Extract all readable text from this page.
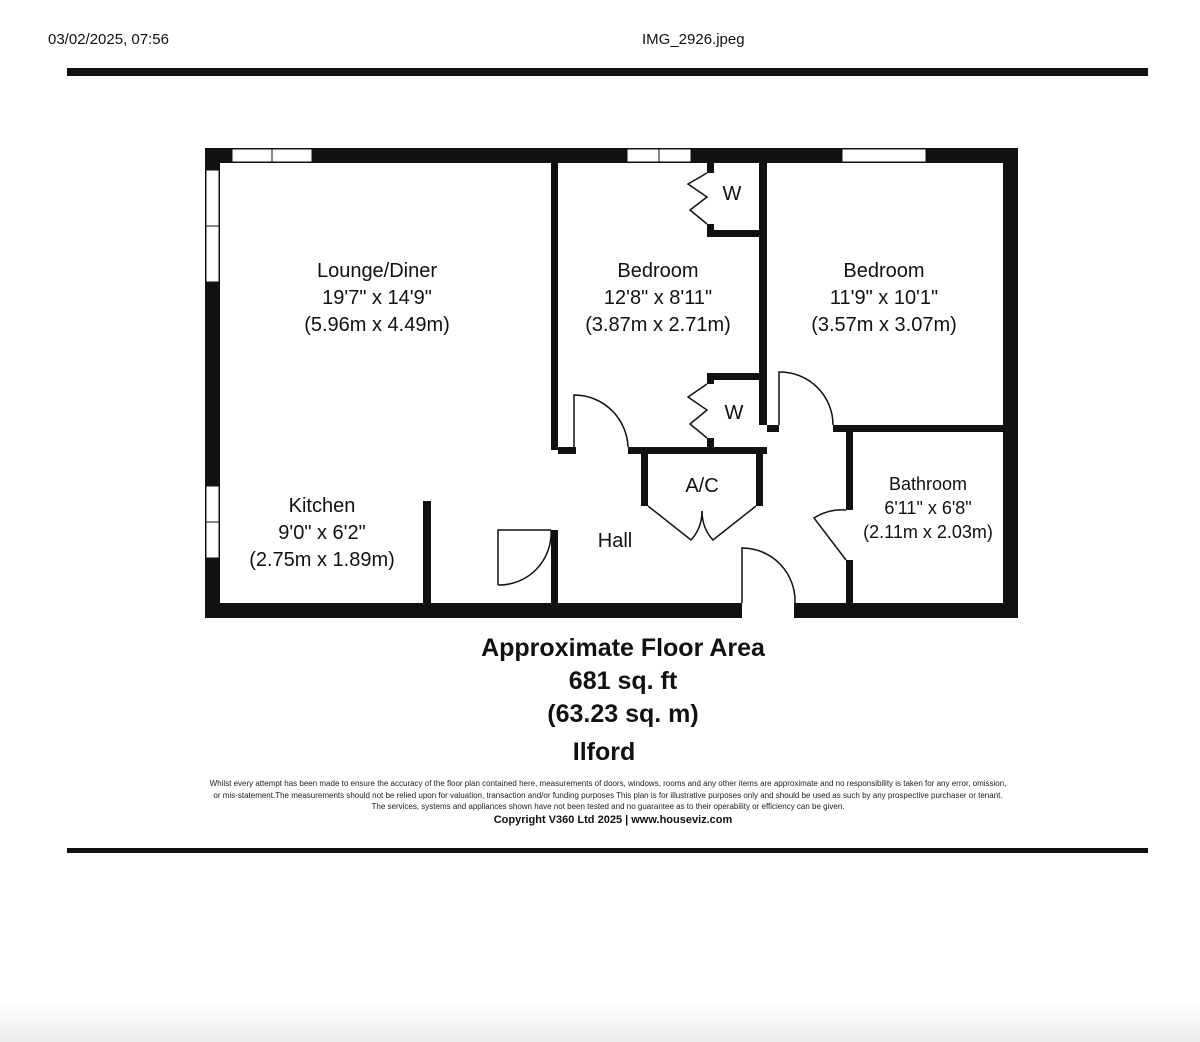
03/02/2025, 07:56	IMG_2926.jpeg
Lounge/Diner
19'7" x 14'9"
(5.96m x 4.49m)
Bedroom
12'8" x 8'11"
(3.87m x 2.71m)
Bedroom
11'9" x 10'1"
(3.57m x 3.07m)
Kitchen
9'0" x 6'2"
(2.75m x 1.89m)
Bathroom
6'11" x 6'8"
(2.11m x 2.03m)
Hall
A/C
W
W
Approximate Floor Area
681 sq. ft
(63.23 sq. m)
Ilford
Whilst every attempt has been made to ensure the accuracy of the floor plan contained here, measurements of doors, windows, rooms and any other items are approximate and no responsibility is taken for any error, omission,
or mis-statement.The measurements should not be relied upon for valuation, transaction and/or funding purposes This plan is for illustrative purposes only and should be used as such by any prospective purchaser or tenant.
The services, systems and appliances shown have not been tested and no guarantee as to their operability or efficiency can be given.
Copyright V360 Ltd 2025 | www.houseviz.com
